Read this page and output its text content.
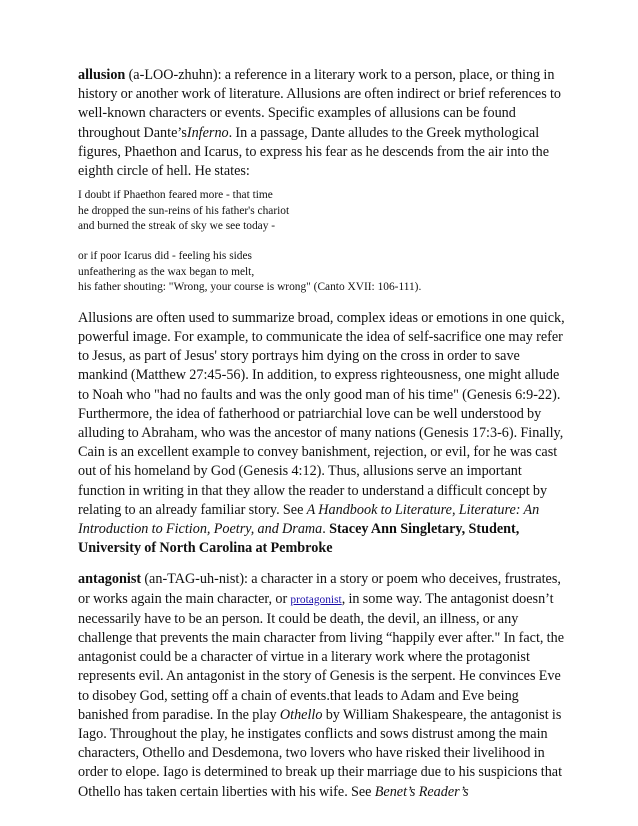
allusion (a-LOO-zhuhn): a reference in a literary work to a person, place, or thing in history or another work of literature. Allusions are often indirect or brief references to well-known characters or events. Specific examples of allusions can be found throughout Dante’sInferno. In a passage, Dante alludes to the Greek mythological figures, Phaethon and Icarus, to express his fear as he descends from the air into the eighth circle of hell. He states:

I doubt if Phaethon feared more - that time
he dropped the sun-reins of his father's chariot
and burned the streak of sky we see today -
or if poor Icarus did - feeling his sides
unfeathering as the wax began to melt,
his father shouting: "Wrong, your course is wrong" (Canto XVII: 106-111).

Allusions are often used to summarize broad, complex ideas or emotions in one quick, powerful image. For example, to communicate the idea of self-sacrifice one may refer to Jesus, as part of Jesus' story portrays him dying on the cross in order to save mankind (Matthew 27:45-56). In addition, to express righteousness, one might allude to Noah who "had no faults and was the only good man of his time" (Genesis 6:9-22). Furthermore, the idea of fatherhood or patriarchial love can be well understood by alluding to Abraham, who was the ancestor of many nations (Genesis 17:3-6). Finally, Cain is an excellent example to convey banishment, rejection, or evil, for he was cast out of his homeland by God (Genesis 4:12). Thus, allusions serve an important function in writing in that they allow the reader to understand a difficult concept by relating to an already familiar story. See A Handbook to Literature, Literature: An Introduction to Fiction, Poetry, and Drama. Stacey Ann Singletary, Student, University of North Carolina at Pembroke

antagonist (an-TAG-uh-nist): a character in a story or poem who deceives, frustrates, or works again the main character, or protagonist, in some way. The antagonist doesn’t necessarily have to be an person. It could be death, the devil, an illness, or any challenge that prevents the main character from living “happily ever after." In fact, the antagonist could be a character of virtue in a literary work where the protagonist represents evil. An antagonist in the story of Genesis is the serpent. He convinces Eve to disobey God, setting off a chain of events.that leads to Adam and Eve being banished from paradise. In the play Othello by William Shakespeare, the antagonist is Iago. Throughout the play, he instigates conflicts and sows distrust among the main characters, Othello and Desdemona, two lovers who have risked their livelihood in order to elope. Iago is determined to break up their marriage due to his suspicions that Othello has taken certain liberties with his wife. See Benet’s Reader’s
